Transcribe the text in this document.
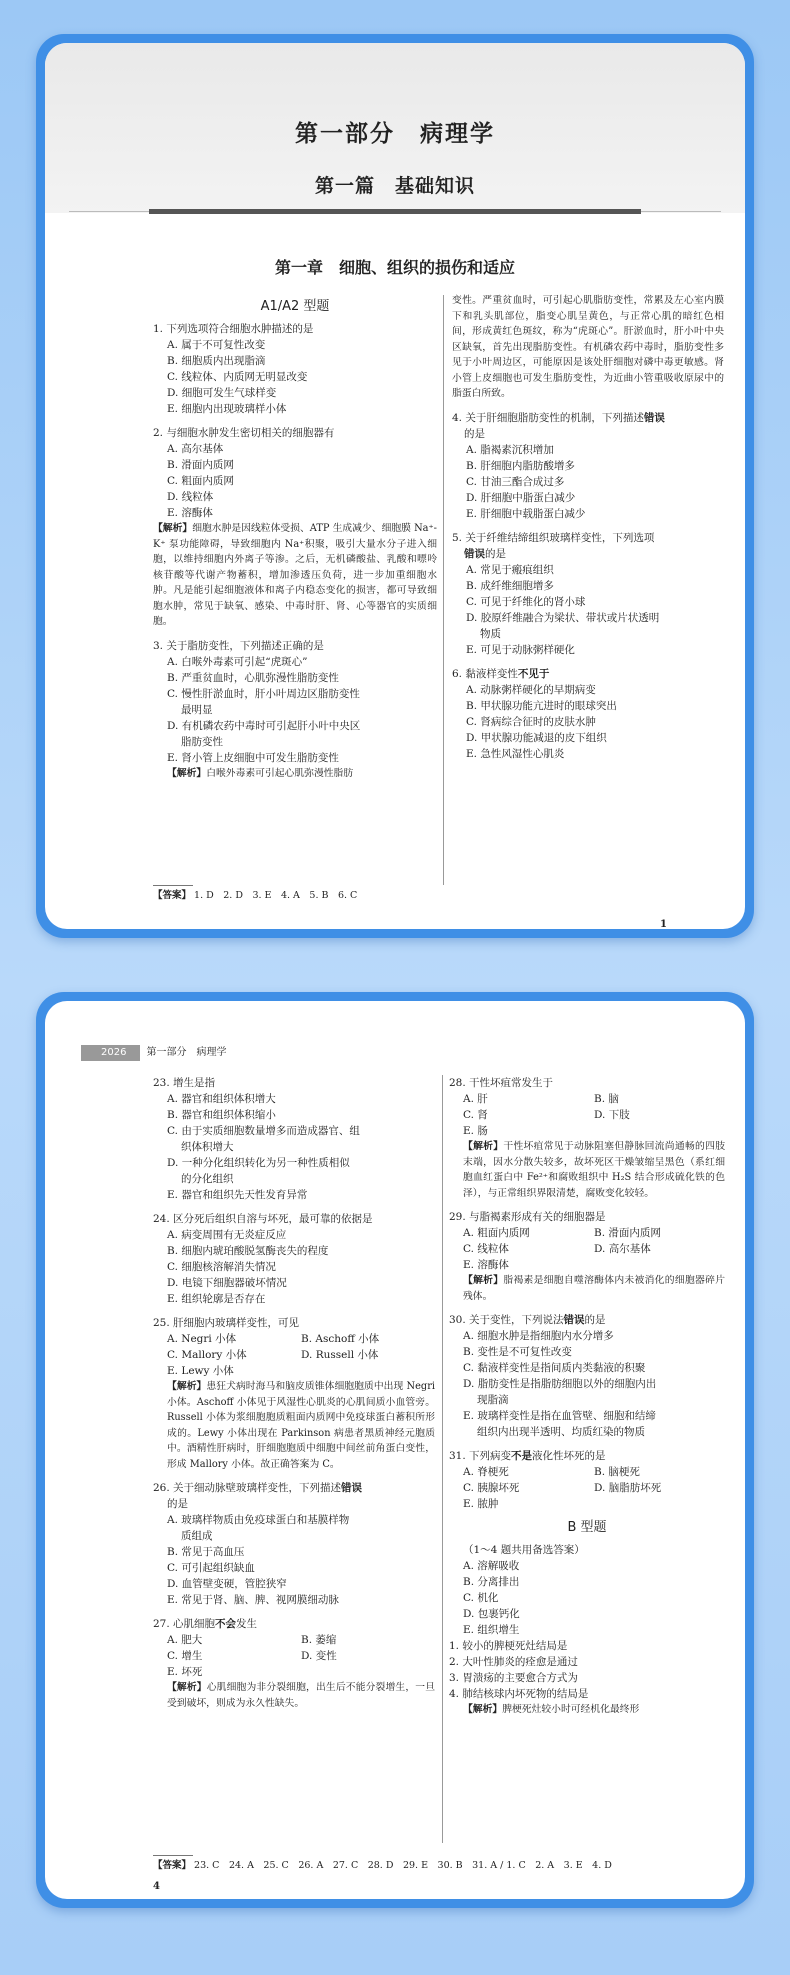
第一部分　病理学
第一篇　基础知识
第一章　细胞、组织的损伤和适应
A1/A2 型题
1. 下列选项符合细胞水肿描述的是
A. 属于不可复性改变
B. 细胞质内出现脂滴
C. 线粒体、内质网无明显改变
D. 细胞可发生气球样变
E. 细胞内出现玻璃样小体
2. 与细胞水肿发生密切相关的细胞器有
A. 高尔基体
B. 滑面内质网
C. 粗面内质网
D. 线粒体
E. 溶酶体
【解析】细胞水肿是因线粒体受损、ATP 生成减少、细胞膜 Na⁺-K⁺ 泵功能障碍，导致细胞内 Na⁺积聚，吸引大量水分子进入细胞，以维持细胞内外离子等渗。之后，无机磷酸盐、乳酸和嘌呤核苷酸等代谢产物蓄积，增加渗透压负荷，进一步加重细胞水肿。凡是能引起细胞液体和离子内稳态变化的损害，都可导致细胞水肿，常见于缺氧、感染、中毒时肝、肾、心等器官的实质细胞。
3. 关于脂肪变性，下列描述正确的是
A. 白喉外毒素可引起“虎斑心”
B. 严重贫血时，心肌弥漫性脂肪变性
C. 慢性肝淤血时，肝小叶周边区脂肪变性
最明显
D. 有机磷农药中毒时可引起肝小叶中央区
脂肪变性
E. 肾小管上皮细胞中可发生脂肪变性
【解析】白喉外毒素可引起心肌弥漫性脂肪
变性。严重贫血时，可引起心肌脂肪变性，常累及左心室内膜下和乳头肌部位，脂变心肌呈黄色，与正常心肌的暗红色相间，形成黄红色斑纹，称为“虎斑心”。肝淤血时，肝小叶中央区缺氧，首先出现脂肪变性。有机磷农药中毒时，脂肪变性多见于小叶周边区，可能原因是该处肝细胞对磷中毒更敏感。肾小管上皮细胞也可发生脂肪变性，为近曲小管重吸收原尿中的脂蛋白所致。
4. 关于肝细胞脂肪变性的机制，下列描述错误
的是
A. 脂褐素沉积增加
B. 肝细胞内脂肪酸增多
C. 甘油三酯合成过多
D. 肝细胞中脂蛋白减少
E. 肝细胞中载脂蛋白减少
5. 关于纤维结缔组织玻璃样变性，下列选项
错误的是
A. 常见于瘢痕组织
B. 成纤维细胞增多
C. 可见于纤维化的肾小球
D. 胶原纤维融合为梁状、带状或片状透明
物质
E. 可见于动脉粥样硬化
6. 黏液样变性不见于
A. 动脉粥样硬化的早期病变
B. 甲状腺功能亢进时的眼球突出
C. 肾病综合征时的皮肤水肿
D. 甲状腺功能减退的皮下组织
E. 急性风湿性心肌炎
【答案】 1. D　2. D　3. E　4. A　5. B　6. C
1
2026 第一部分　病理学
23. 增生是指
A. 器官和组织体积增大
B. 器官和组织体积缩小
C. 由于实质细胞数量增多而造成器官、组
织体积增大
D. 一种分化组织转化为另一种性质相似
的分化组织
E. 器官和组织先天性发育异常
24. 区分死后组织自溶与坏死，最可靠的依据是
A. 病变周围有无炎症反应
B. 细胞内琥珀酸脱氢酶丧失的程度
C. 细胞核溶解消失情况
D. 电镜下细胞器破坏情况
E. 组织轮廓是否存在
25. 肝细胞内玻璃样变性，可见
A. Negri 小体	B. Aschoff 小体
C. Mallory 小体	D. Russell 小体
E. Lewy 小体
【解析】患狂犬病时海马和脑皮质锥体细胞胞质中出现 Negri 小体。Aschoff 小体见于风湿性心肌炎的心肌间质小血管旁。Russell 小体为浆细胞胞质粗面内质网中免疫球蛋白蓄积所形成的。Lewy 小体出现在 Parkinson 病患者黑质神经元胞质中。酒精性肝病时，肝细胞胞质中细胞中间丝前角蛋白变性，形成 Mallory 小体。故正确答案为 C。
26. 关于细动脉壁玻璃样变性，下列描述错误
的是
A. 玻璃样物质由免疫球蛋白和基膜样物
质组成
B. 常见于高血压
C. 可引起组织缺血
D. 血管壁变硬，管腔狭窄
E. 常见于肾、脑、脾、视网膜细动脉
27. 心肌细胞不会发生
A. 肥大	B. 萎缩
C. 增生	D. 变性
E. 坏死
【解析】心肌细胞为非分裂细胞，出生后不能分裂增生，一旦受到破坏，则成为永久性缺失。
28. 干性坏疽常发生于
A. 肝	B. 脑
C. 肾	D. 下肢
E. 肠
【解析】干性坏疽常见于动脉阻塞但静脉回流尚通畅的四肢末端，因水分散失较多，故坏死区干燥皱缩呈黑色（系红细胞血红蛋白中 Fe²⁺和腐败组织中 H₂S 结合形成硫化铁的色泽），与正常组织界限清楚，腐败变化较轻。
29. 与脂褐素形成有关的细胞器是
A. 粗面内质网	B. 滑面内质网
C. 线粒体	D. 高尔基体
E. 溶酶体
【解析】脂褐素是细胞自噬溶酶体内未被消化的细胞器碎片残体。
30. 关于变性，下列说法错误的是
A. 细胞水肿是指细胞内水分增多
B. 变性是不可复性改变
C. 黏液样变性是指间质内类黏液的积聚
D. 脂肪变性是指脂肪细胞以外的细胞内出
现脂滴
E. 玻璃样变性是指在血管壁、细胞和结缔
组织内出现半透明、均质红染的物质
31. 下列病变不是液化性坏死的是
A. 脊梗死	B. 脑梗死
C. 胰腺坏死	D. 脑脂肪坏死
E. 脓肿
B 型题
（1～4 题共用备选答案）
A. 溶解吸收
B. 分离排出
C. 机化
D. 包裹钙化
E. 组织增生
1. 较小的脾梗死灶结局是
2. 大叶性肺炎的痊愈是通过
3. 胃溃疡的主要愈合方式为
4. 肺结核球内坏死物的结局是
【解析】脾梗死灶较小时可经机化最终形
【答案】 23. C　24. A　25. C　26. A　27. C　28. D　29. E　30. B　31. A / 1. C　2. A　3. E　4. D
4
